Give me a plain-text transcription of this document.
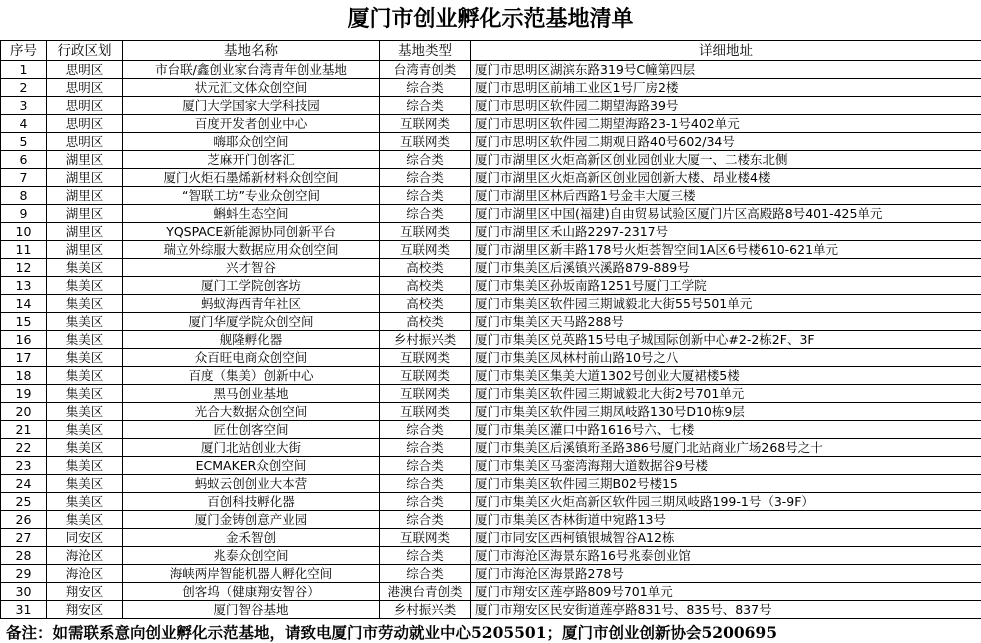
厦门市创业孵化示范基地清单
序号	行政区划	基地名称	基地类型	详细地址
1	思明区	市台联/鑫创业家台湾青年创业基地	台湾青创类	厦门市思明区湖滨东路319号C幢第四层
2	思明区	状元汇文体众创空间	综合类	厦门市思明区前埔工业区1号厂房2楼
3	思明区	厦门大学国家大学科技园	综合类	厦门市思明区软件园二期望海路39号
4	思明区	百度开发者创业中心	互联网类	厦门市思明区软件园二期望海路23-1号402单元
5	思明区	嗨耶众创空间	互联网类	厦门市思明区软件园二期观日路40号602/34号
6	湖里区	芝麻开门创客汇	综合类	厦门市湖里区火炬高新区创业园创业大厦一、二楼东北侧
7	湖里区	厦门火炬石墨烯新材料众创空间	综合类	厦门市湖里区火炬高新区创业园创新大楼、昂业楼4楼
8	湖里区	“智联工坊”专业众创空间	综合类	厦门市湖里区林后西路1号金丰大厦三楼
9	湖里区	蝌蚪生态空间	综合类	厦门市湖里区中国(福建)自由贸易试验区厦门片区高殿路8号401-425单元
10	湖里区	YQSPACE新能源协同创新平台	互联网类	厦门市湖里区禾山路2297-2317号
11	湖里区	瑞立外综服大数据应用众创空间	互联网类	厦门市湖里区新丰路178号火炬荟智空间1A区6号楼610-621单元
12	集美区	兴才智谷	高校类	厦门市集美区后溪镇兴溪路879-889号
13	集美区	厦门工学院创客坊	高校类	厦门市集美区孙坂南路1251号厦门工学院
14	集美区	蚂蚁海西青年社区	高校类	厦门市集美区软件园三期诚毅北大街55号501单元
15	集美区	厦门华厦学院众创空间	高校类	厦门市集美区天马路288号
16	集美区	舰隆孵化器	乡村振兴类	厦门市集美区兑英路15号电子城国际创新中心#2-2栋2F、3F
17	集美区	众百旺电商众创空间	互联网类	厦门市集美区凤林村前山路10号之八
18	集美区	百度（集美）创新中心	互联网类	厦门市集美区集美大道1302号创业大厦裙楼5楼
19	集美区	黑马创业基地	互联网类	厦门市集美区软件园三期诚毅北大街2号701单元
20	集美区	光合大数据众创空间	互联网类	厦门市集美区软件园三期凤岐路130号D10栋9层
21	集美区	匠仕创客空间	综合类	厦门市集美区灌口中路1616号六、七楼
22	集美区	厦门北站创业大街	综合类	厦门市集美区后溪镇珩圣路386号厦门北站商业广场268号之十
23	集美区	ECMAKER众创空间	综合类	厦门市集美区马銮湾海翔大道数据谷9号楼
24	集美区	蚂蚁云创创业大本营	综合类	厦门市集美区软件园三期B02号楼15
25	集美区	百创科技孵化器	综合类	厦门市集美区火炬高新区软件园三期凤岐路199-1号（3-9F）
26	集美区	厦门金铸创意产业园	综合类	厦门市集美区杏林街道中宛路13号
27	同安区	金禾智创	互联网类	厦门市同安区西柯镇银城智谷A12栋
28	海沧区	兆泰众创空间	综合类	厦门市海沧区海景东路16号兆泰创业馆
29	海沧区	海峡两岸智能机器人孵化空间	综合类	厦门市海沧区海景路278号
30	翔安区	创客坞（健康翔安智谷）	港澳台青创类	厦门市翔安区莲亭路809号701单元
31	翔安区	厦门智谷基地	乡村振兴类	厦门市翔安区民安街道莲亭路831号、835号、837号
备注：如需联系意向创业孵化示范基地，请致电厦门市劳动就业中心5205501；厦门市创业创新协会5200695
